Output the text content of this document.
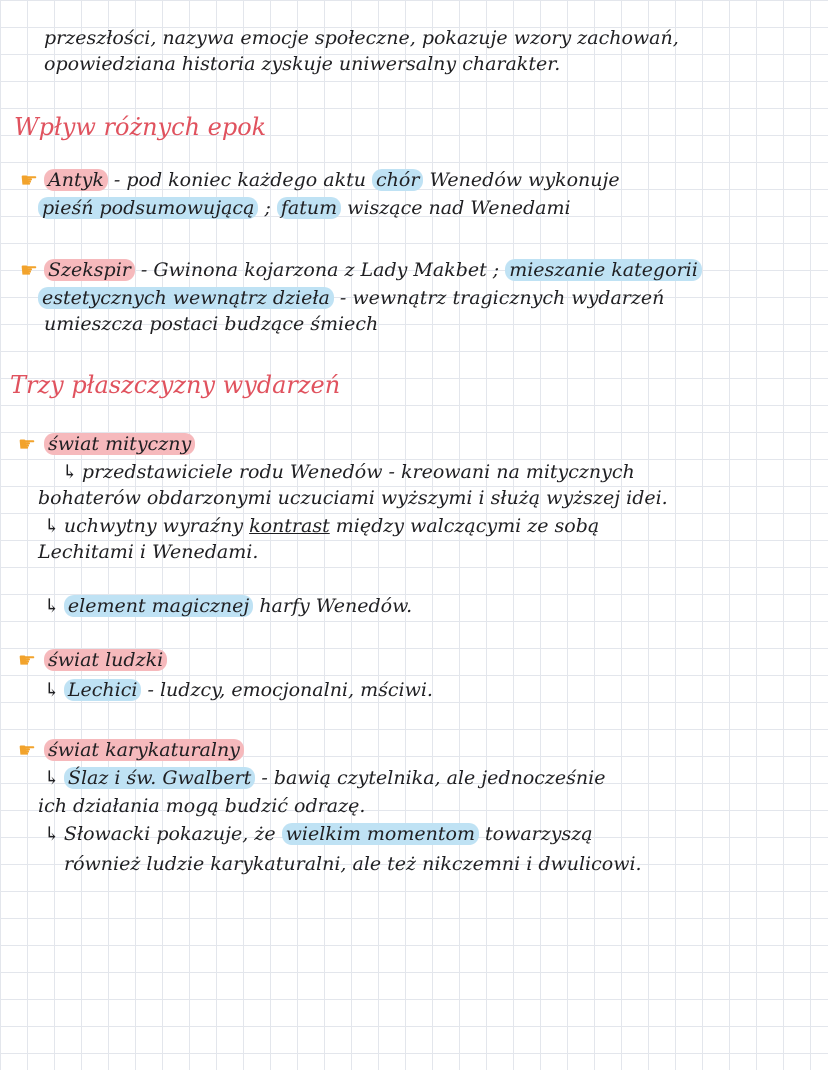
przeszłości, nazywa emocje społeczne, pokazuje wzory zachowań,
opowiedziana historia zyskuje uniwersalny charakter.
Wpływ różnych epok
☛ Antyk - pod koniec każdego aktu chór Wenedów wykonuje
pieśń podsumowującą ; fatum wiszące nad Wenedami
☛ Szekspir - Gwinona kojarzona z Lady Makbet ; mieszanie kategorii
estetycznych wewnątrz dzieła - wewnątrz tragicznych wydarzeń
umieszcza postaci budzące śmiech
Trzy płaszczyzny wydarzeń
☛ świat mityczny
↳ przedstawiciele rodu Wenedów - kreowani na mitycznych
bohaterów obdarzonymi uczuciami wyższymi i służą wyższej idei.
↳ uchwytny wyraźny kontrast między walczącymi ze sobą
Lechitami i Wenedami.
↳ element magicznej harfy Wenedów.
☛ świat ludzki
↳ Lechici - ludzcy, emocjonalni, mściwi.
☛ świat karykaturalny
↳ Ślaz i św. Gwalbert - bawią czytelnika, ale jednocześnie
ich działania mogą budzić odrazę.
↳ Słowacki pokazuje, że wielkim momentom towarzyszą
również ludzie karykaturalni, ale też nikczemni i dwulicowi.
